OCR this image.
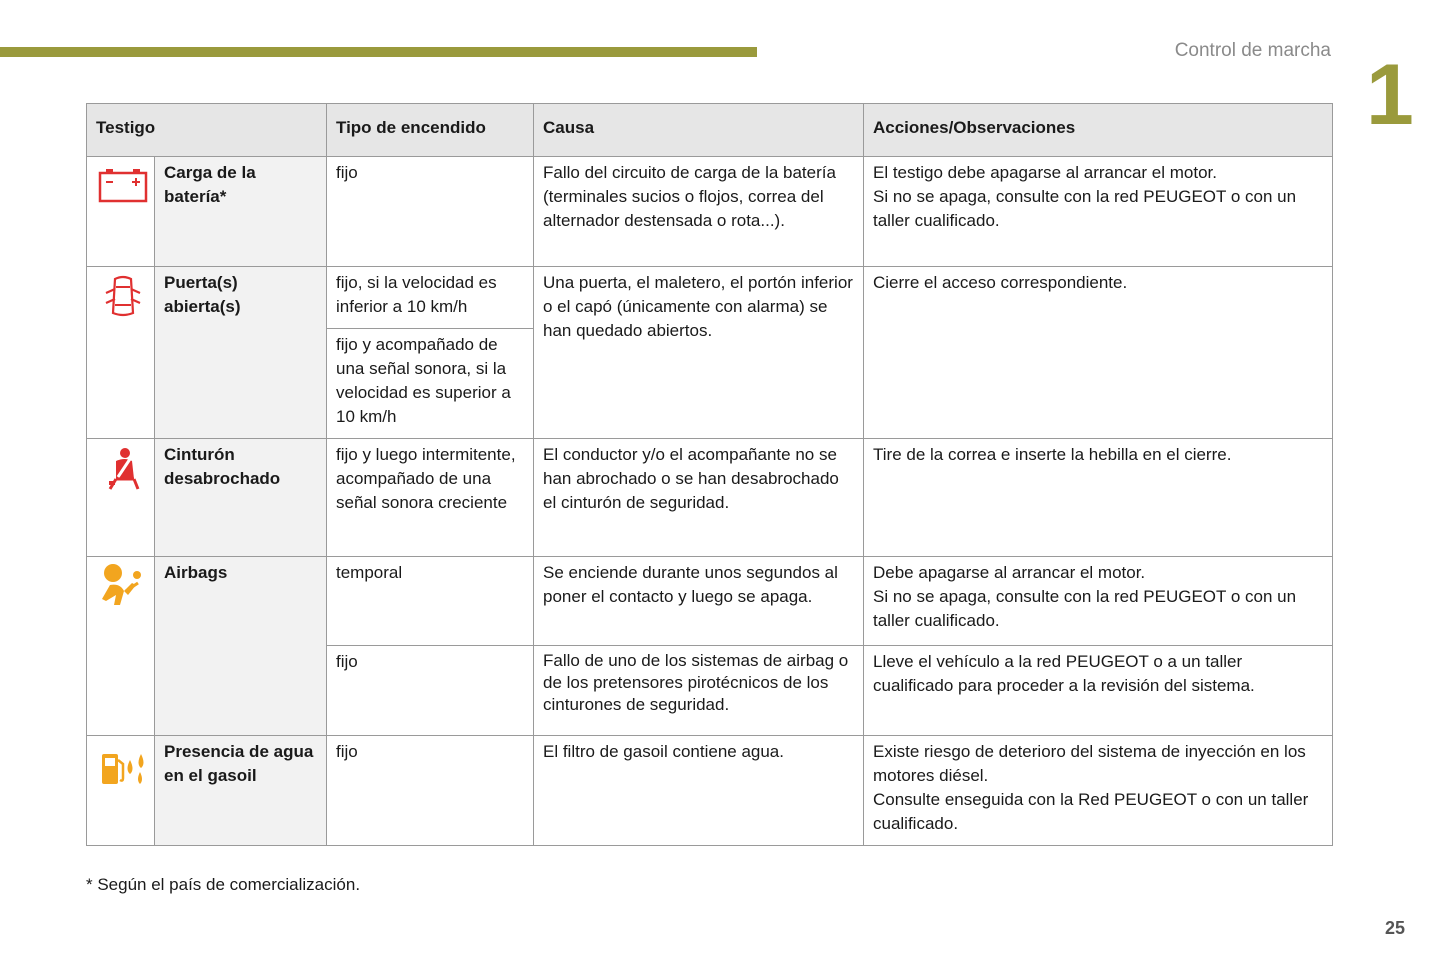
Control de marcha 1
Testigo		Tipo de encendido	Causa	Acciones/Observaciones
	Carga de la batería*	fijo	Fallo del circuito de carga de la batería (terminales sucios o flojos, correa del alternador destensada o rota...).	El testigo debe apagarse al arrancar el motor.
Si no se apaga, consulte con la red PEUGEOT o con un taller cualificado.

	Puerta(s) abierta(s)	fijo, si la velocidad es inferior a 10 km/h	Una puerta, el maletero, el portón inferior o el capó (únicamente con alarma) se han quedado abiertos.	Cierre el acceso correspondiente.

		fijo y acompañado de una señal sonora, si la velocidad es superior a 10 km/h		
	Cinturón desabrochado	fijo y luego intermitente, acompañado de una señal sonora creciente	El conductor y/o el acompañante no se han abrochado o se han desabrochado el cinturón de seguridad.	Tire de la correa e inserte la hebilla en el cierre.

	Airbags	temporal	Se enciende durante unos segundos al poner el contacto y luego se apaga.	Debe apagarse al arrancar el motor.
Si no se apaga, consulte con la red PEUGEOT o con un taller cualificado.

		fijo	Fallo de uno de los sistemas de airbag o de los pretensores pirotécnicos de los cinturones de seguridad.	Lleve el vehículo a la red PEUGEOT o a un taller cualificado para proceder a la revisión del sistema.

	Presencia de agua en el gasoil	fijo	El filtro de gasoil contiene agua.	Existe riesgo de deterioro del sistema de inyección en los motores diésel.
Consulte enseguida con la Red PEUGEOT o con un taller cualificado.
* Según el país de comercialización.
25
